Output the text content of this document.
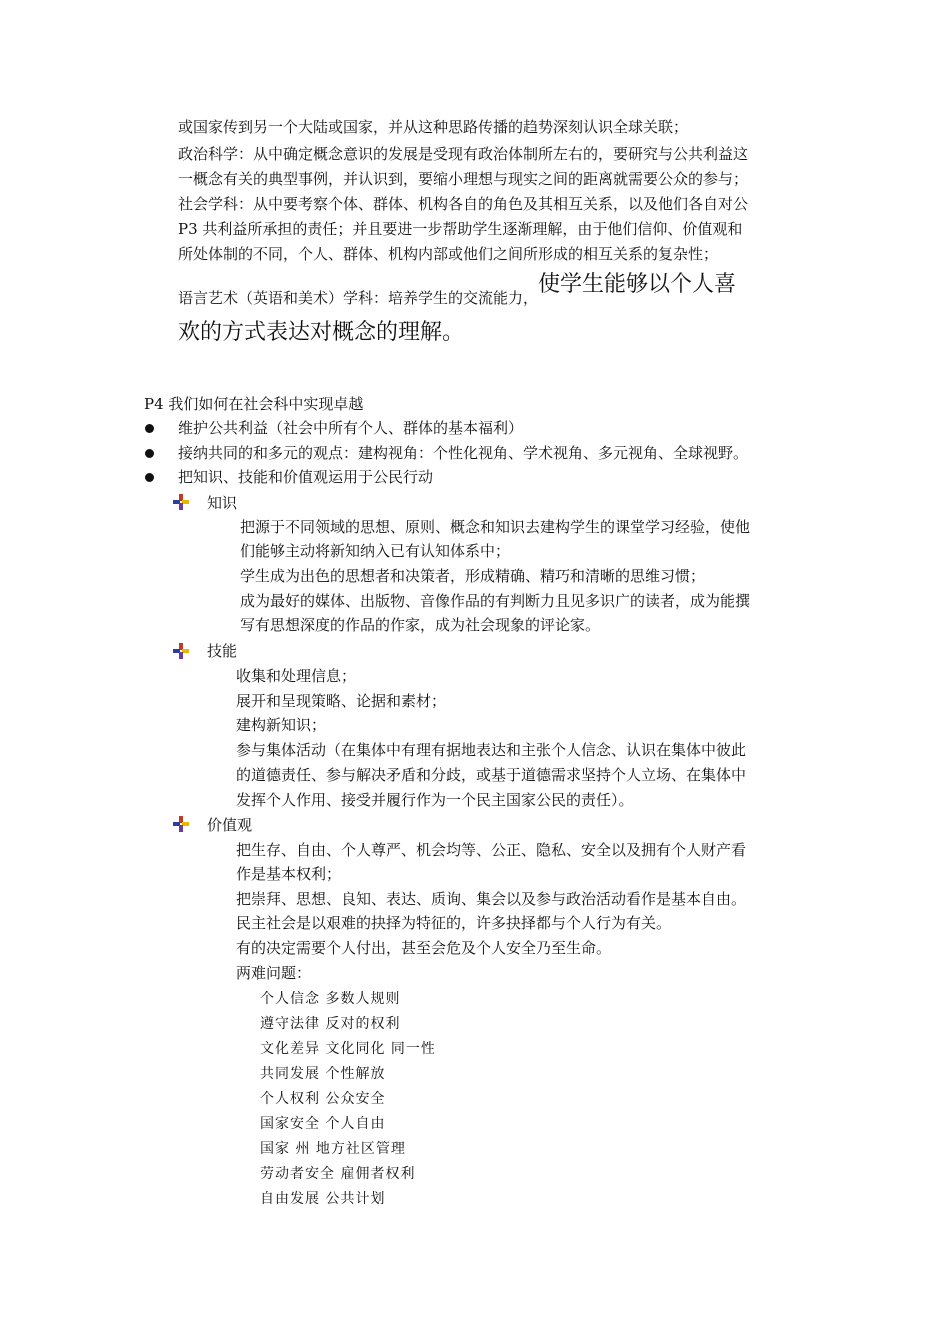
或国家传到另一个大陆或国家，并从这种思路传播的趋势深刻认识全球关联；
政治科学：从中确定概念意识的发展是受现有政治体制所左右的，要研究与公共利益这
一概念有关的典型事例，并认识到，要缩小理想与现实之间的距离就需要公众的参与；
社会学科：从中要考察个体、群体、机构各自的角色及其相互关系，以及他们各自对公
P3 共利益所承担的责任；并且要进一步帮助学生逐渐理解，由于他们信仰、价值观和
所处体制的不同，个人、群体、机构内部或他们之间所形成的相互关系的复杂性；
语言艺术（英语和美术）学科：培养学生的交流能力，使学生能够以个人喜
欢的方式表达对概念的理解。
P4 我们如何在社会科中实现卓越
维护公共利益（社会中所有个人、群体的基本福利）
接纳共同的和多元的观点：建构视角：个性化视角、学术视角、多元视角、全球视野。
把知识、技能和价值观运用于公民行动
知识
把源于不同领域的思想、原则、概念和知识去建构学生的课堂学习经验，使他
们能够主动将新知纳入已有认知体系中；
学生成为出色的思想者和决策者，形成精确、精巧和清晰的思维习惯；
成为最好的媒体、出版物、音像作品的有判断力且见多识广的读者，成为能撰
写有思想深度的作品的作家，成为社会现象的评论家。
技能
收集和处理信息；
展开和呈现策略、论据和素材；
建构新知识；
参与集体活动（在集体中有理有据地表达和主张个人信念、认识在集体中彼此
的道德责任、参与解决矛盾和分歧，或基于道德需求坚持个人立场、在集体中
发挥个人作用、接受并履行作为一个民主国家公民的责任）。
价值观
把生存、自由、个人尊严、机会均等、公正、隐私、安全以及拥有个人财产看
作是基本权利；
把崇拜、思想、良知、表达、质询、集会以及参与政治活动看作是基本自由。
民主社会是以艰难的抉择为特征的，许多抉择都与个人行为有关。
有的决定需要个人付出，甚至会危及个人安全乃至生命。
两难问题：
个人信念 多数人规则
遵守法律 反对的权利
文化差异 文化同化 同一性
共同发展 个性解放
个人权利 公众安全
国家安全 个人自由
国家 州 地方社区管理
劳动者安全 雇佣者权利
自由发展 公共计划
